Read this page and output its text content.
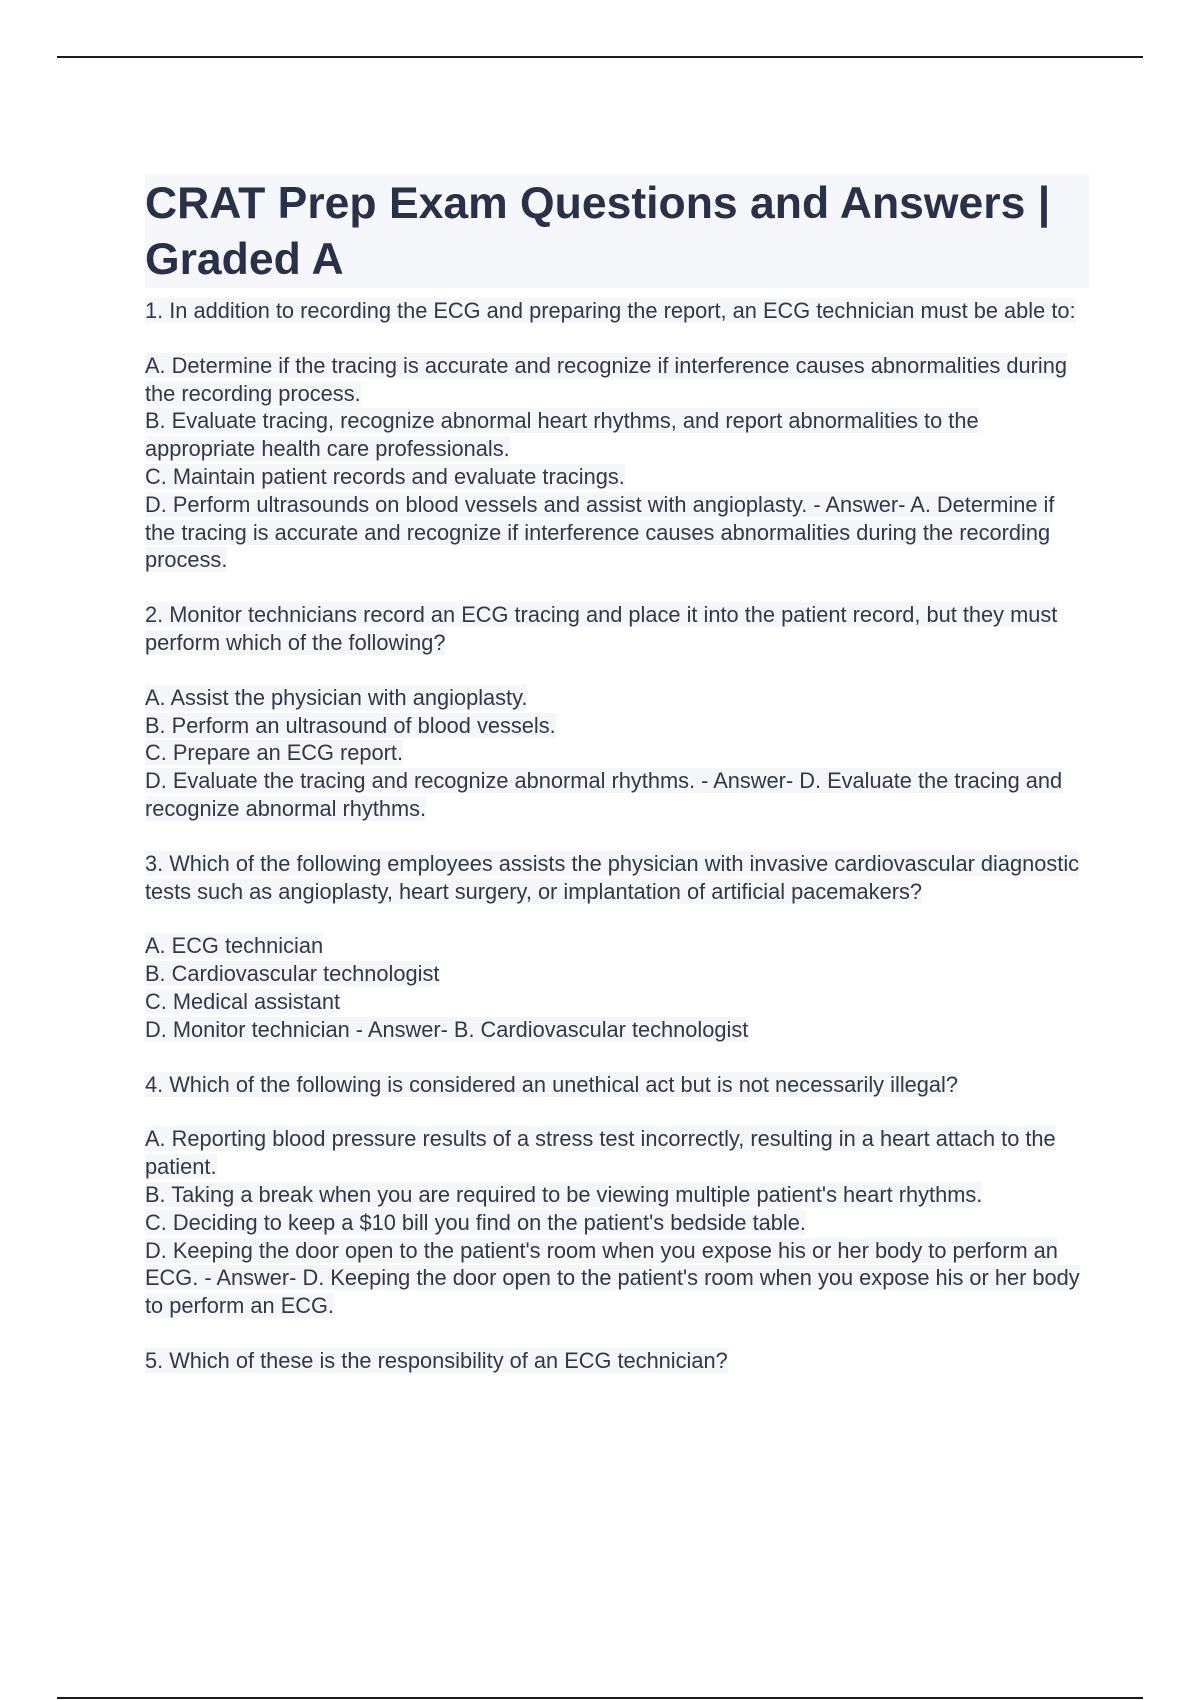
CRAT Prep Exam Questions and Answers | Graded A

1. In addition to recording the ECG and preparing the report, an ECG technician must be able to:

A. Determine if the tracing is accurate and recognize if interference causes abnormalities during the recording process.

B. Evaluate tracing, recognize abnormal heart rhythms, and report abnormalities to the appropriate health care professionals.

C. Maintain patient records and evaluate tracings.

D. Perform ultrasounds on blood vessels and assist with angioplasty. - Answer- A. Determine if the tracing is accurate and recognize if interference causes abnormalities during the recording process.

2. Monitor technicians record an ECG tracing and place it into the patient record, but they must perform which of the following?

A. Assist the physician with angioplasty.

B. Perform an ultrasound of blood vessels.

C. Prepare an ECG report.

D. Evaluate the tracing and recognize abnormal rhythms. - Answer- D. Evaluate the tracing and recognize abnormal rhythms.

3. Which of the following employees assists the physician with invasive cardiovascular diagnostic tests such as angioplasty, heart surgery, or implantation of artificial pacemakers?

A. ECG technician

B. Cardiovascular technologist

C. Medical assistant

D. Monitor technician - Answer- B. Cardiovascular technologist

4. Which of the following is considered an unethical act but is not necessarily illegal?

A. Reporting blood pressure results of a stress test incorrectly, resulting in a heart attach to the patient.

B. Taking a break when you are required to be viewing multiple patient's heart rhythms.

C. Deciding to keep a $10 bill you find on the patient's bedside table.

D. Keeping the door open to the patient's room when you expose his or her body to perform an ECG. - Answer- D. Keeping the door open to the patient's room when you expose his or her body to perform an ECG.

5. Which of these is the responsibility of an ECG technician?
